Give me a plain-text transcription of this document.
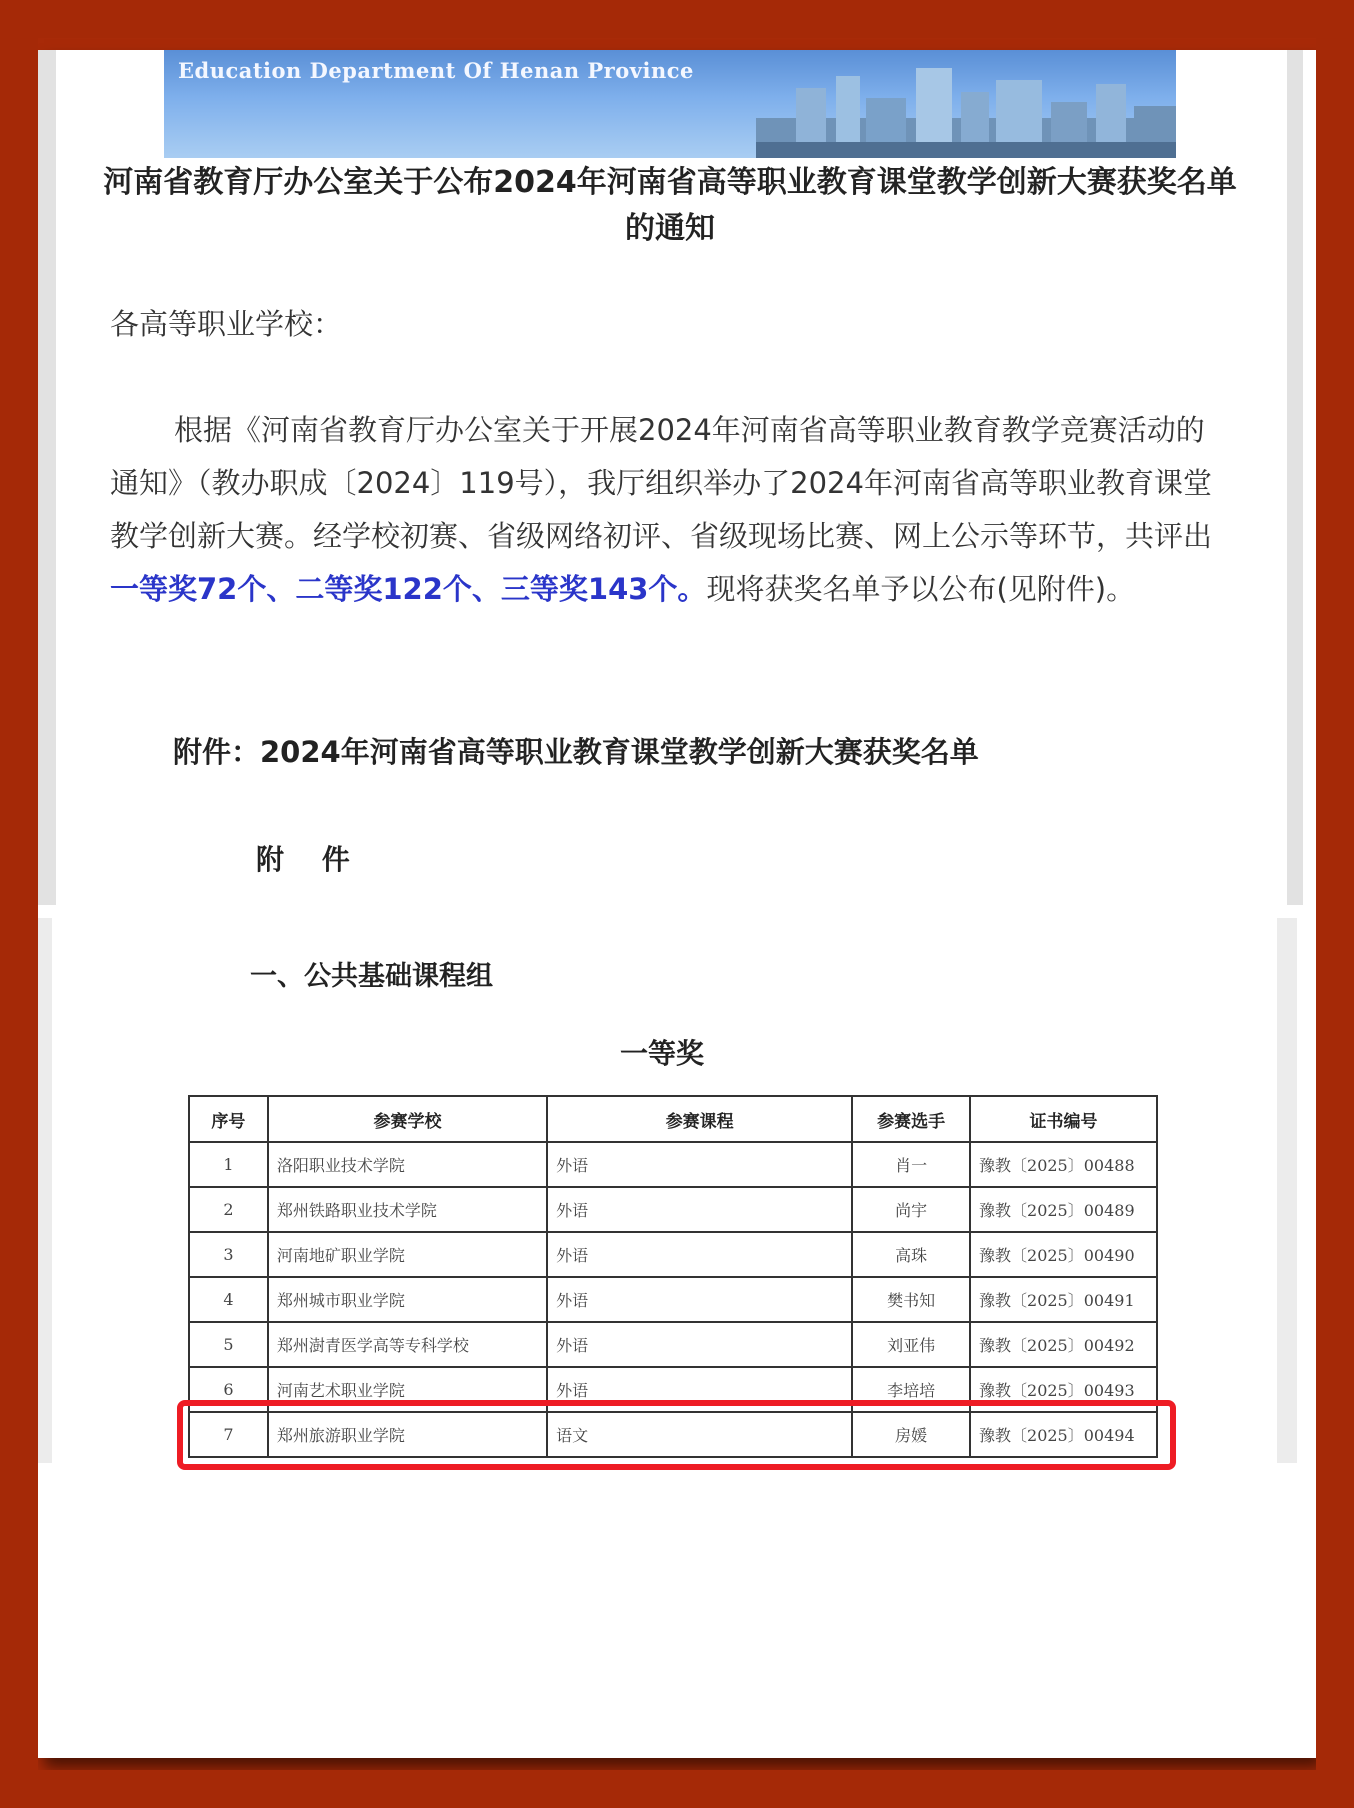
Education Department Of Henan Province
河南省教育厅办公室关于公布2024年河南省高等职业教育课堂教学创新大赛获奖名单的通知
各高等职业学校：

根据《河南省教育厅办公室关于开展2024年河南省高等职业教育教学竞赛活动的通知》（教办职成〔2024〕119号），我厅组织举办了2024年河南省高等职业教育课堂教学创新大赛。经学校初赛、省级网络初评、省级现场比赛、网上公示等环节，共评出一等奖72个、二等奖122个、三等奖143个。现将获奖名单予以公布(见附件)。

附件：2024年河南省高等职业教育课堂教学创新大赛获奖名单
附 件
一、公共基础课程组
一等奖
序号	参赛学校	参赛课程	参赛选手	证书编号
1	洛阳职业技术学院	外语	肖一	豫教〔2025〕00488
2	郑州铁路职业技术学院	外语	尚宇	豫教〔2025〕00489
3	河南地矿职业学院	外语	高珠	豫教〔2025〕00490
4	郑州城市职业学院	外语	樊书知	豫教〔2025〕00491
5	郑州澍青医学高等专科学校	外语	刘亚伟	豫教〔2025〕00492
6	河南艺术职业学院	外语	李培培	豫教〔2025〕00493
7	郑州旅游职业学院	语文	房媛	豫教〔2025〕00494
